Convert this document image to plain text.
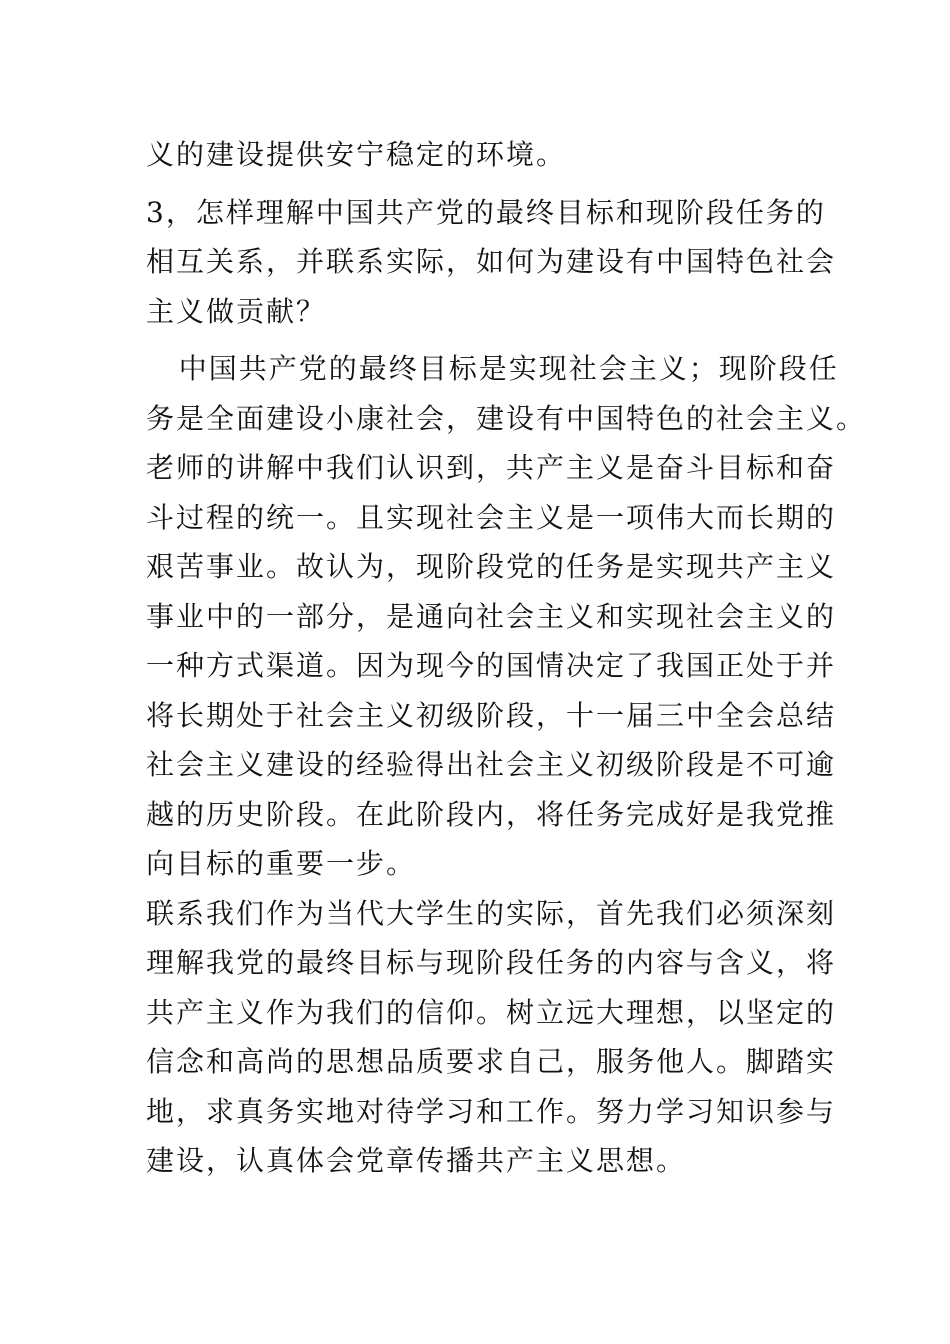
义的建设提供安宁稳定的环境。
3，怎样理解中国共产党的最终目标和现阶段任务的
相互关系，并联系实际，如何为建设有中国特色社会
主义做贡献？
中国共产党的最终目标是实现社会主义；现阶段任
务是全面建设小康社会，建设有中国特色的社会主义。
老师的讲解中我们认识到，共产主义是奋斗目标和奋
斗过程的统一。且实现社会主义是一项伟大而长期的
艰苦事业。故认为，现阶段党的任务是实现共产主义
事业中的一部分，是通向社会主义和实现社会主义的
一种方式渠道。因为现今的国情决定了我国正处于并
将长期处于社会主义初级阶段，十一届三中全会总结
社会主义建设的经验得出社会主义初级阶段是不可逾
越的历史阶段。在此阶段内，将任务完成好是我党推
向目标的重要一步。
联系我们作为当代大学生的实际，首先我们必须深刻
理解我党的最终目标与现阶段任务的内容与含义，将
共产主义作为我们的信仰。树立远大理想，以坚定的
信念和高尚的思想品质要求自己，服务他人。脚踏实
地，求真务实地对待学习和工作。努力学习知识参与
建设，认真体会党章传播共产主义思想。
